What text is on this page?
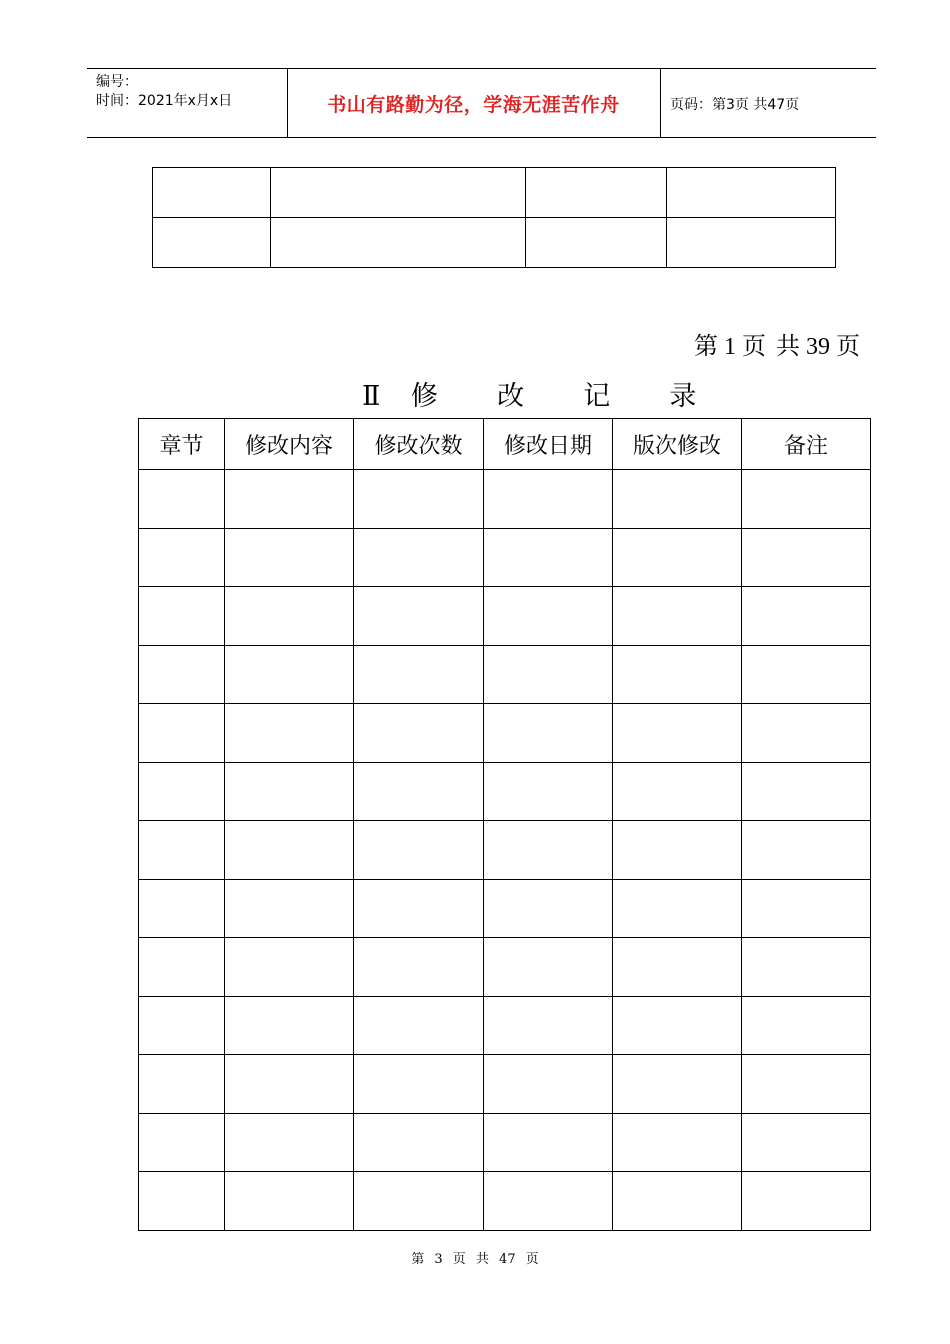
编号：
时间：2021年x月x日	书山有路勤为径，学海无涯苦作舟	页码：第3页 共47页

第 1 页 共 39 页
Ⅱ 修  改  记  录
章节	修改内容	修改次数	修改日期	版次修改	备注

第 3 页 共 47 页
